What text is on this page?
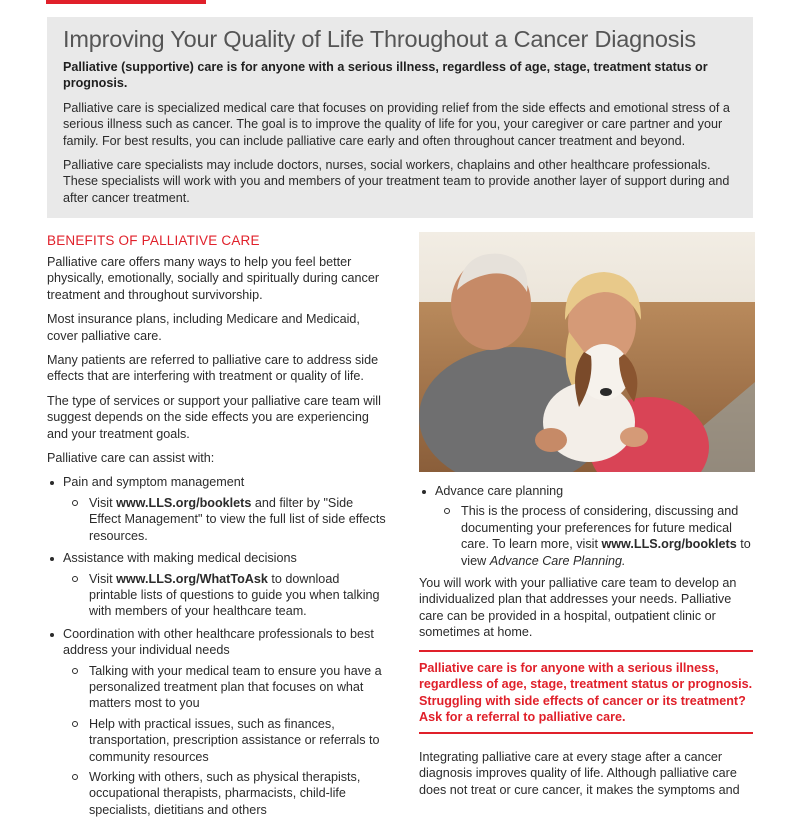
Improving Your Quality of Life Throughout a Cancer Diagnosis

Palliative (supportive) care is for anyone with a serious illness, regardless of age, stage, treatment status or prognosis.

Palliative care is specialized medical care that focuses on providing relief from the side effects and emotional stress of a serious illness such as cancer. The goal is to improve the quality of life for you, your caregiver or care partner and your family. For best results, you can include palliative care early and often throughout cancer treatment and beyond.

Palliative care specialists may include doctors, nurses, social workers, chaplains and other healthcare professionals. These specialists will work with you and members of your treatment team to provide another layer of support during and after cancer treatment.

BENEFITS OF PALLIATIVE CARE

Palliative care offers many ways to help you feel better physically, emotionally, socially and spiritually during cancer treatment and throughout survivorship.

Most insurance plans, including Medicare and Medicaid, cover palliative care.

Many patients are referred to palliative care to address side effects that are interfering with treatment or quality of life.

The type of services or support your palliative care team will suggest depends on the side effects you are experiencing and your treatment goals.

Palliative care can assist with:

Pain and symptom management
Visit www.LLS.org/booklets and filter by "Side Effect Management" to view the full list of side effects resources.
Assistance with making medical decisions
Visit www.LLS.org/WhatToAsk to download printable lists of questions to guide you when talking with members of your healthcare team.
Coordination with other healthcare professionals to best address your individual needs
Talking with your medical team to ensure you have a personalized treatment plan that focuses on what matters most to you
Help with practical issues, such as finances, transportation, prescription assistance or referrals to community resources
Working with others, such as physical therapists, occupational therapists, pharmacists, child-life specialists, dietitians and others
Advance care planning
This is the process of considering, discussing and documenting your preferences for future medical care. To learn more, visit www.LLS.org/booklets to view Advance Care Planning.

You will work with your palliative care team to develop an individualized plan that addresses your needs. Palliative care can be provided in a hospital, outpatient clinic or sometimes at home.

Palliative care is for anyone with a serious illness, regardless of age, stage, treatment status or prognosis. Struggling with side effects of cancer or its treatment? Ask for a referral to palliative care.

Integrating palliative care at every stage after a cancer diagnosis improves quality of life. Although palliative care does not treat or cure cancer, it makes the symptoms and
